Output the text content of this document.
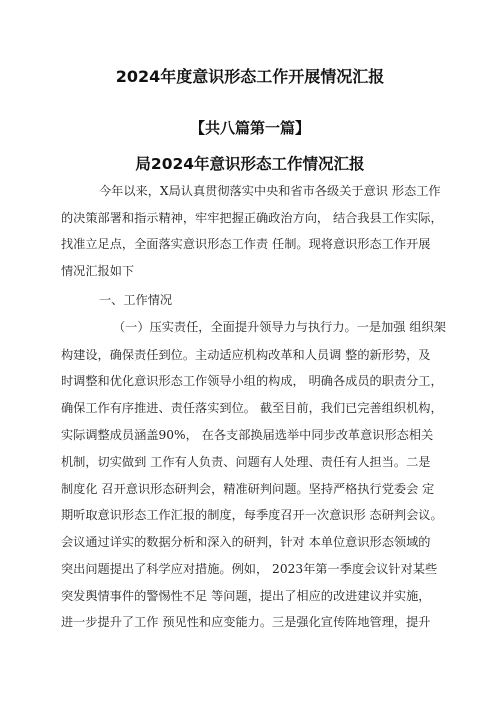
2024年度意识形态工作开展情况汇报
【共八篇第一篇】
局2024年意识形态工作情况汇报
今年以来，X局认真贯彻落实中央和省市各级关于意识 形态工作
的决策部署和指示精神，牢牢把握正确政治方向， 结合我县工作实际，
找准立足点，全面落实意识形态工作责 任制。现将意识形态工作开展
情况汇报如下
一、工作情况
（一）压实责任，全面提升领导力与执行力。一是加强 组织架
构建设，确保责任到位。主动适应机构改革和人员调 整的新形势，及
时调整和优化意识形态工作领导小组的构成， 明确各成员的职责分工，
确保工作有序推进、责任落实到位。 截至目前，我们已完善组织机构，
实际调整成员涵盖90%， 在各支部换届选举中同步改革意识形态相关
机制，切实做到 工作有人负责、问题有人处理、责任有人担当。二是
制度化 召开意识形态研判会，精准研判问题。坚持严格执行党委会 定
期听取意识形态工作汇报的制度，每季度召开一次意识形 态研判会议。
会议通过详实的数据分析和深入的研判，针对 本单位意识形态领域的
突出问题提出了科学应对措施。例如， 2023年第一季度会议针对某些
突发舆情事件的警惕性不足 等问题，提出了相应的改进建议并实施，
进一步提升了工作 预见性和应变能力。三是强化宣传阵地管理，提升
